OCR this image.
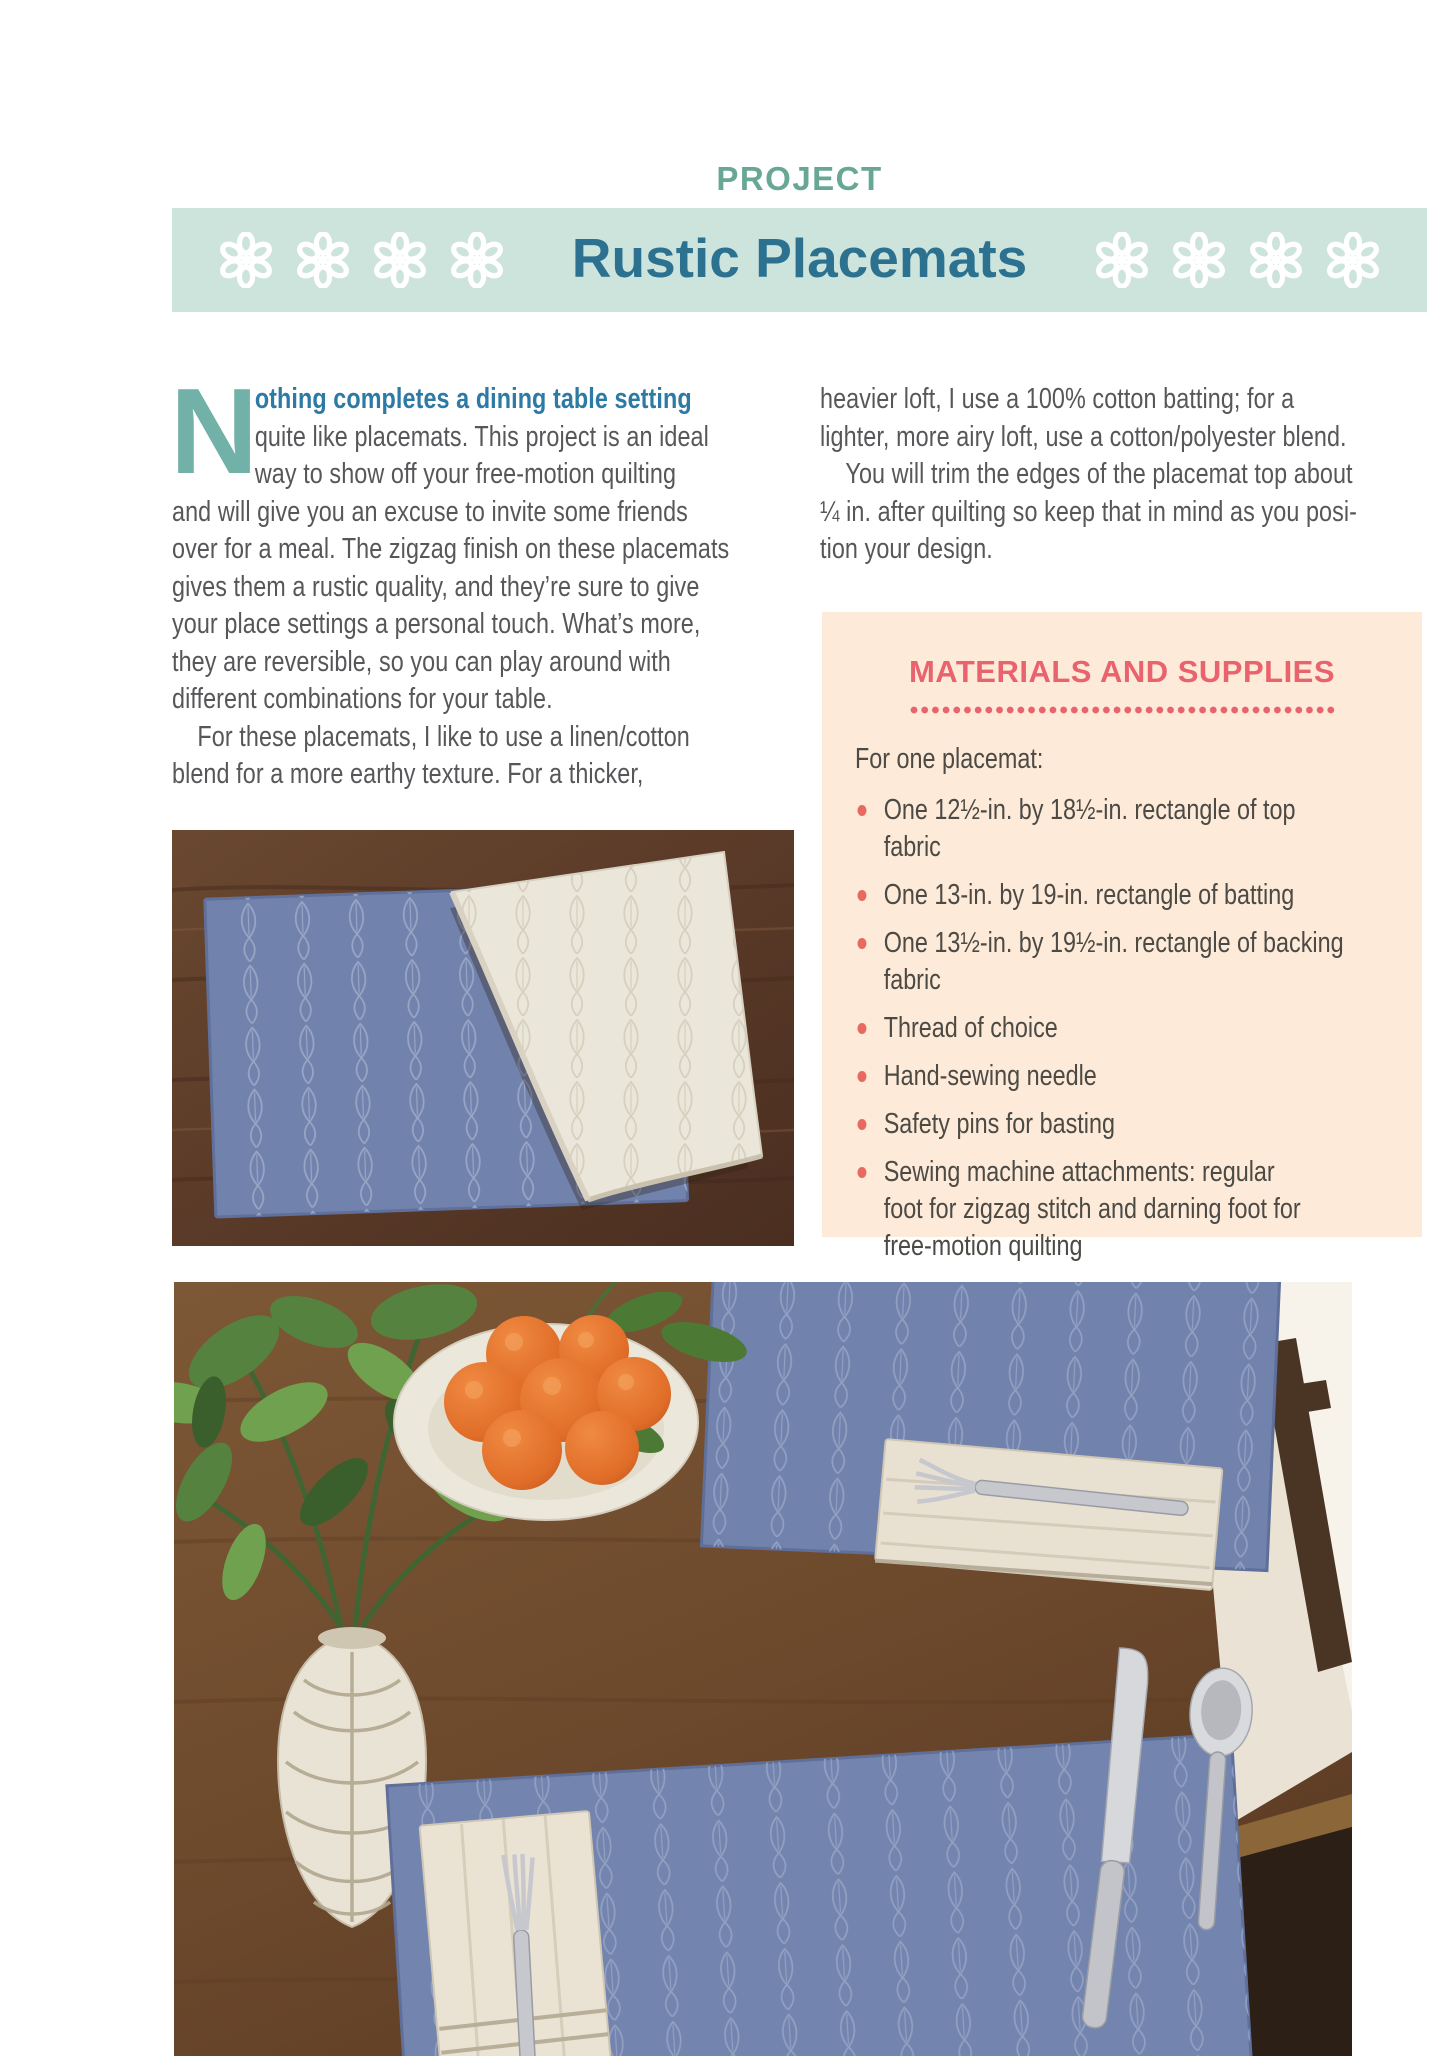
PROJECT
Rustic Placemats
N
othing completes a dining table setting
quite like placemats. This project is an ideal
way to show off your free-motion quilting
and will give you an excuse to invite some friends
over for a meal. The zigzag finish on these placemats
gives them a rustic quality, and they’re sure to give
your place settings a personal touch. What’s more,
they are reversible, so you can play around with
different combinations for your table.
For these placemats, I like to use a linen/cotton
blend for a more earthy texture. For a thicker,
heavier loft, I use a 100% cotton batting; for a
lighter, more airy loft, use a cotton/polyester blend.
You will trim the edges of the placemat top about
¼ in. after quilting so keep that in mind as you posi-
tion your design.
MATERIALS AND SUPPLIES
For one placemat:
One 12½-in. by 18½-in. rectangle of top
fabric
One 13-in. by 19-in. rectangle of batting
One 13½-in. by 19½-in. rectangle of backing
fabric
Thread of choice
Hand-sewing needle
Safety pins for basting
Sewing machine attachments: regular
foot for zigzag stitch and darning foot for
free-motion quilting
